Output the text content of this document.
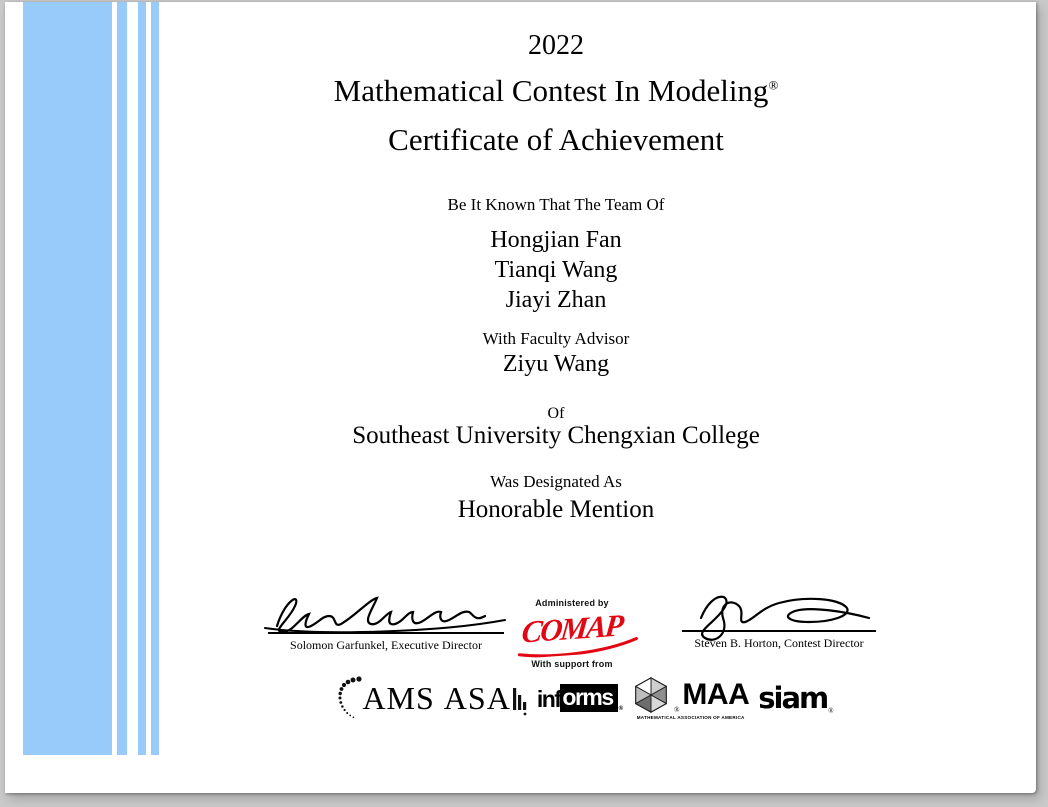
2022
Mathematical Contest In Modeling®
Certificate of Achievement
Be It Known That The Team Of
Hongjian Fan
Tianqi Wang
Jiayi Zhan
With Faculty Advisor
Ziyu Wang
Of
Southeast University Chengxian College
Was Designated As
Honorable Mention
Solomon Garfunkel, Executive Director
Administered by
COMAP
With support from
Steven B. Horton, Contest Director
AMS ASA inf orms	®	® MAA
MATHEMATICAL ASSOCIATION OF AMERICA
siam ®
